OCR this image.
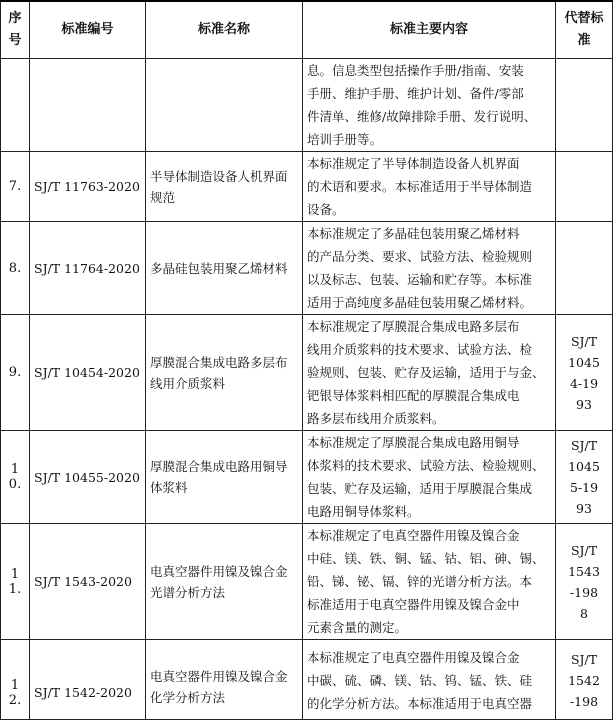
序号	标准编号	标准名称	标准主要内容	代替标准

			息。信息类型包括操作手册/指南、安装
手册、维护手册、维护计划、备件/零部
件清单、维修/故障排除手册、发行说明、
培训手册等。	

7.	SJ/T 11763-2020	半导体制造设备人机界面规范	本标准规定了半导体制造设备人机界面
的术语和要求。本标准适用于半导体制造
设备。	

8.	SJ/T 11764-2020	多晶硅包装用聚乙烯材料	本标准规定了多晶硅包装用聚乙烯材料
的产品分类、要求、试验方法、检验规则
以及标志、包装、运输和贮存等。本标准
适用于高纯度多晶硅包装用聚乙烯材料。	

9.	SJ/T 10454-2020	厚膜混合集成电路多层布线用介质浆料	本标准规定了厚膜混合集成电路多层布
线用介质浆料的技术要求、试验方法、检
验规则、包装、贮存及运输，适用于与金、
钯银导体浆料相匹配的厚膜混合集成电
路多层布线用介质浆料。	SJ/T
1045
4-19
93

10.	SJ/T 10455-2020	厚膜混合集成电路用铜导体浆料	本标准规定了厚膜混合集成电路用铜导
体浆料的技术要求、试验方法、检验规则、
包装、贮存及运输，适用于厚膜混合集成
电路用铜导体浆料。	SJ/T
1045
5-19
93

11.	SJ/T 1543-2020	电真空器件用镍及镍合金光谱分析方法	本标准规定了电真空器件用镍及镍合金
中硅、镁、铁、铜、锰、钴、铝、砷、锡、
铅、锑、铋、镉、锌的光谱分析方法。本
标准适用于电真空器件用镍及镍合金中
元素含量的测定。	SJ/T
1543
-198
8

12.	SJ/T 1542-2020	电真空器件用镍及镍合金化学分析方法	本标准规定了电真空器件用镍及镍合金
中碳、硫、磷、镁、钴、钨、锰、铁、硅
的化学分析方法。本标准适用于电真空器	SJ/T
1542
-198
